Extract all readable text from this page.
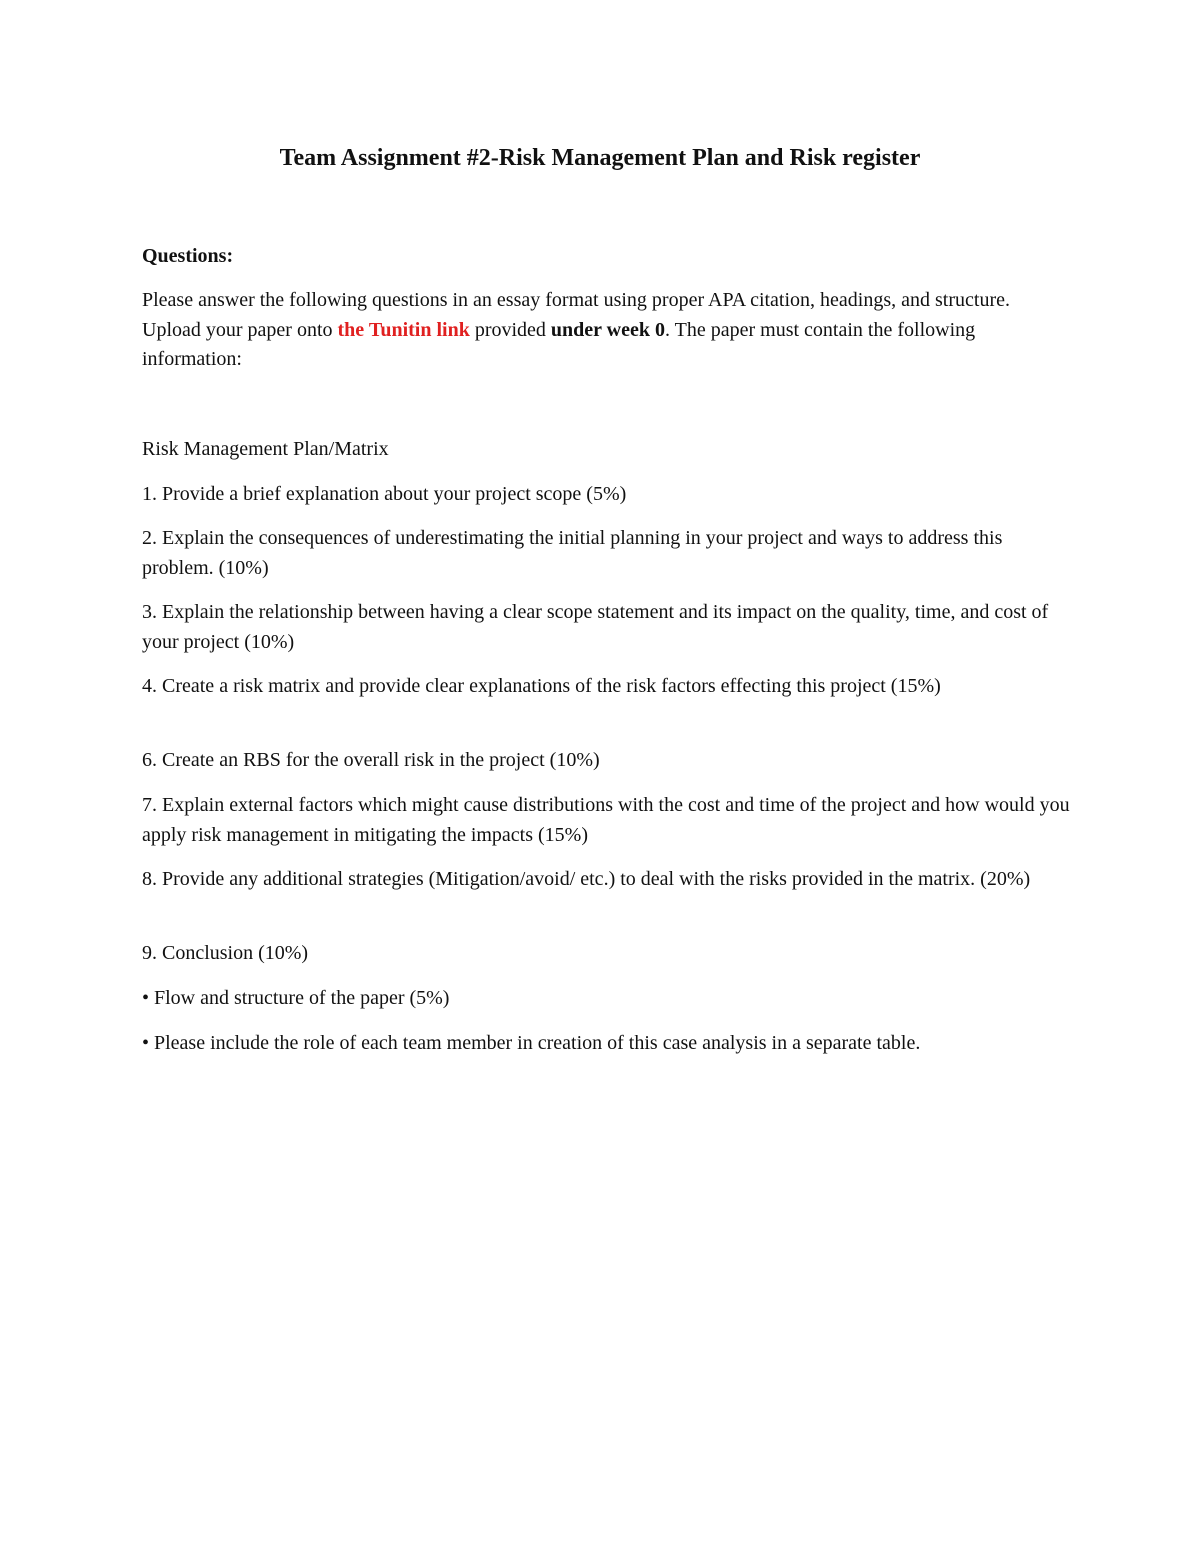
Team Assignment #2-Risk Management Plan and Risk register

Questions:

Please answer the following questions in an essay format using proper APA citation, headings, and structure. Upload your paper onto the Tunitin link provided under week 0. The paper must contain the following information:

Risk Management Plan/Matrix

1. Provide a brief explanation about your project scope (5%)

2. Explain the consequences of underestimating the initial planning in your project and ways to address this problem. (10%)

3. Explain the relationship between having a clear scope statement and its impact on the quality, time, and cost of your project (10%)

4. Create a risk matrix and provide clear explanations of the risk factors effecting this project (15%)

6. Create an RBS for the overall risk in the project (10%)

7. Explain external factors which might cause distributions with the cost and time of the project and how would you apply risk management in mitigating the impacts (15%)

8. Provide any additional strategies (Mitigation/avoid/ etc.) to deal with the risks provided in the matrix. (20%)

9. Conclusion (10%)

• Flow and structure of the paper (5%)

• Please include the role of each team member in creation of this case analysis in a separate table.
